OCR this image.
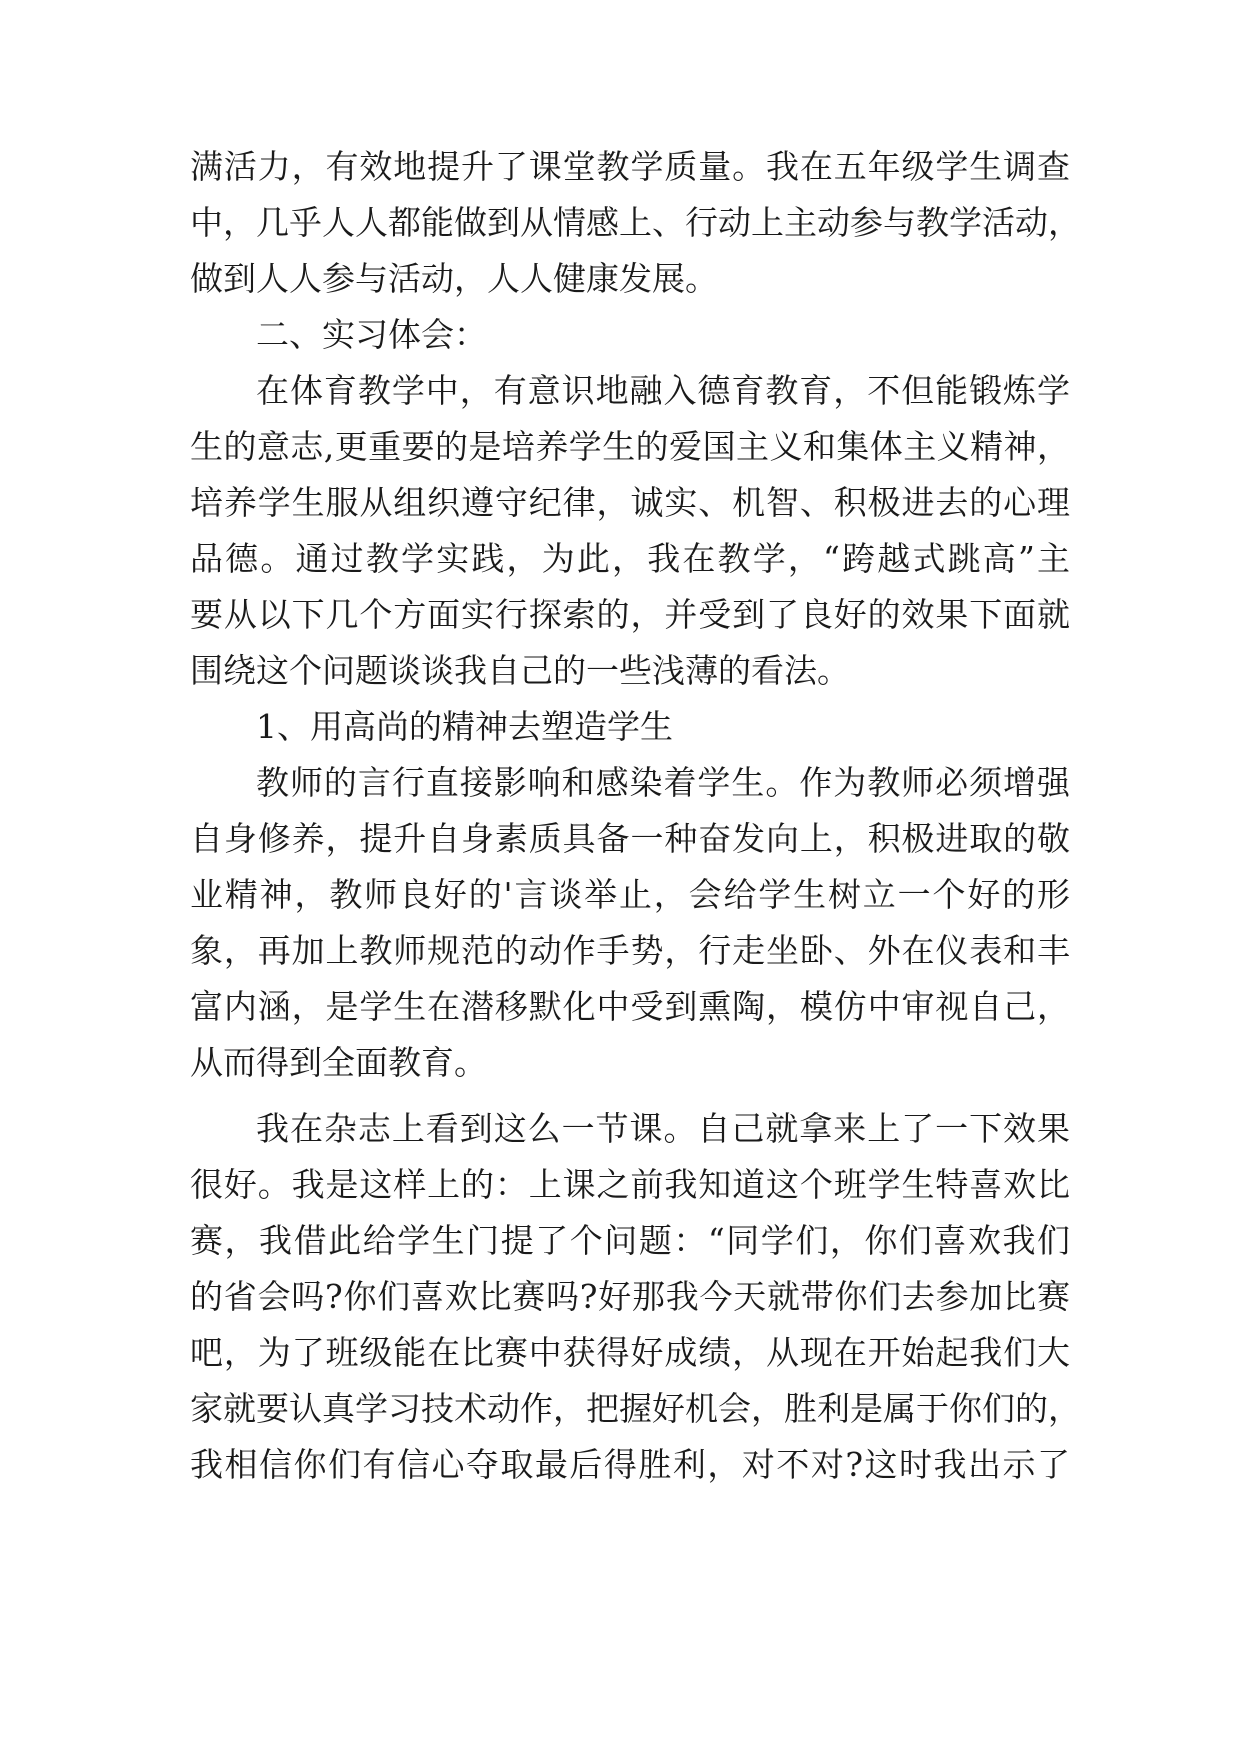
满活力，有效地提升了课堂教学质量。我在五年级学生调查
中，几乎人人都能做到从情感上、行动上主动参与教学活动，
做到人人参与活动，人人健康发展。
二、实习体会：
在体育教学中，有意识地融入德育教育，不但能锻炼学
生的意志,更重要的是培养学生的爱国主义和集体主义精神，
培养学生服从组织遵守纪律，诚实、机智、积极进去的心理
品德。通过教学实践，为此，我在教学，“跨越式跳高”主
要从以下几个方面实行探索的，并受到了良好的效果下面就
围绕这个问题谈谈我自己的一些浅薄的看法。
1、用高尚的精神去塑造学生
教师的言行直接影响和感染着学生。作为教师必须增强
自身修养，提升自身素质具备一种奋发向上，积极进取的敬
业精神，教师良好的'言谈举止，会给学生树立一个好的形
象，再加上教师规范的动作手势，行走坐卧、外在仪表和丰
富内涵，是学生在潜移默化中受到熏陶，模仿中审视自己，
从而得到全面教育。
我在杂志上看到这么一节课。自己就拿来上了一下效果
很好。我是这样上的：上课之前我知道这个班学生特喜欢比
赛，我借此给学生门提了个问题：“同学们，你们喜欢我们
的省会吗?你们喜欢比赛吗?好那我今天就带你们去参加比赛
吧，为了班级能在比赛中获得好成绩，从现在开始起我们大
家就要认真学习技术动作，把握好机会，胜利是属于你们的，
我相信你们有信心夺取最后得胜利，对不对?这时我出示了
